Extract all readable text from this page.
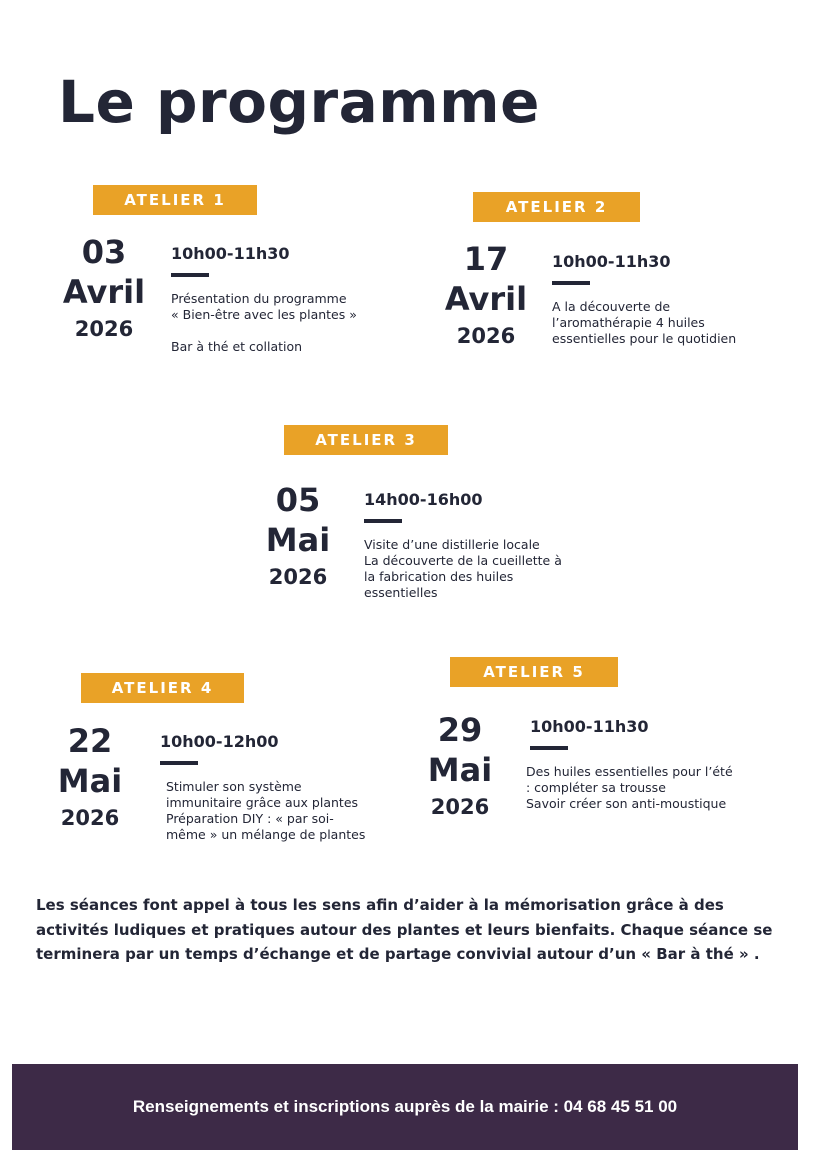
Le programme
ATELIER 1
03
Avril
2026
10h00-11h30
Présentation du programme
« Bien-être avec les plantes »
Bar à thé et collation
ATELIER 2
17
Avril
2026
10h00-11h30
A la découverte de
l’aromathérapie 4 huiles
essentielles pour le quotidien
ATELIER 3
05
Mai
2026
14h00-16h00
Visite d’une distillerie locale
La découverte de la cueillette à
la fabrication des huiles
essentielles
ATELIER 4
22
Mai
2026
10h00-12h00
Stimuler son système
immunitaire grâce aux plantes
Préparation DIY : « par soi-
même » un mélange de plantes
ATELIER 5
29
Mai
2026
10h00-11h30
Des huiles essentielles pour l’été
: compléter sa trousse
Savoir créer son anti-moustique

Les séances font appel à tous les sens afin d’aider à la mémorisation grâce à des activités ludiques et pratiques autour des plantes et leurs bienfaits. Chaque séance se terminera par un temps d’échange et de partage convivial autour d’un « Bar à thé » .

Renseignements et inscriptions auprès de la mairie : 04 68 45 51 00
